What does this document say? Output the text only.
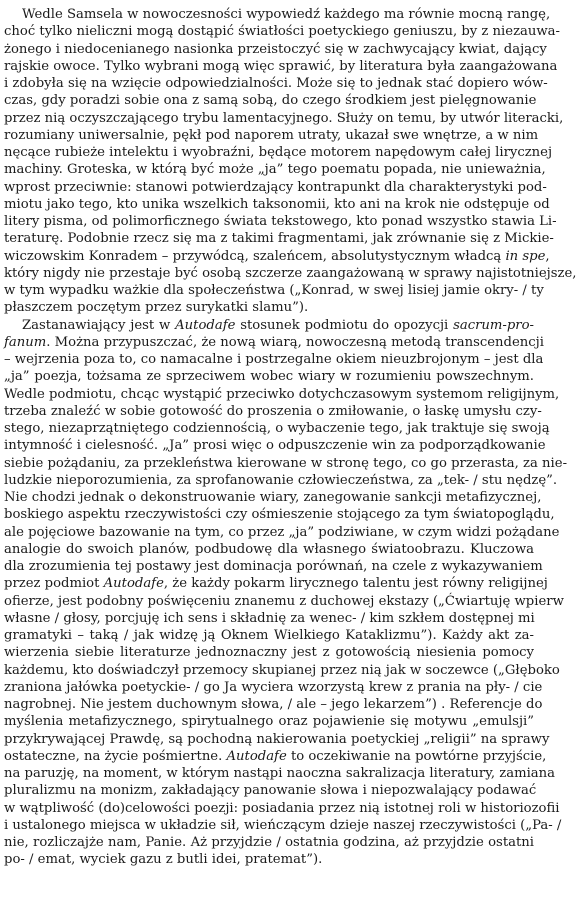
Wedle Samsela w nowoczesności wypowiedź każdego ma równie mocną rangę,
choć tylko nieliczni mogą dostąpić światłości poetyckiego geniuszu, by z niezauwa-
żonego i niedocenianego nasionka przeistoczyć się w zachwycający kwiat, dający
rajskie owoce. Tylko wybrani mogą więc sprawić, by literatura była zaangażowana
i zdobyła się na wzięcie odpowiedzialności. Może się to jednak stać dopiero wów-
czas, gdy poradzi sobie ona z samą sobą, do czego środkiem jest pielęgnowanie
przez nią oczyszczającego trybu lamentacyjnego. Służy on temu, by utwór literacki,
rozumiany uniwersalnie, pękł pod naporem utraty, ukazał swe wnętrze, a w nim
nęcące rubieże intelektu i wyobraźni, będące motorem napędowym całej lirycznej
machiny. Groteska, w którą być może „ja” tego poematu popada, nie unieważnia,
wprost przeciwnie: stanowi potwierdzający kontrapunkt dla charakterystyki pod-
miotu jako tego, kto unika wszelkich taksonomii, kto ani na krok nie odstępuje od
litery pisma, od polimorficznego świata tekstowego, kto ponad wszystko stawia Li-
teraturę. Podobnie rzecz się ma z takimi fragmentami, jak zrównanie się z Mickie-
wiczowskim Konradem – przywódcą, szaleńcem, absolutystycznym władcą in spe,
który nigdy nie przestaje być osobą szczerze zaangażowaną w sprawy najistotniejsze,
w tym wypadku ważkie dla społeczeństwa („Konrad, w swej lisiej jamie okry- / ty
płaszczem poczętym przez surykatki slamu”).
Zastanawiający jest w Autodafe stosunek podmiotu do opozycji sacrum-pro-
fanum. Można przypuszczać, że nową wiarą, nowoczesną metodą transcendencji
– wejrzenia poza to, co namacalne i postrzegalne okiem nieuzbrojonym – jest dla
„ja” poezja, tożsama ze sprzeciwem wobec wiary w rozumieniu powszechnym.
Wedle podmiotu, chcąc wystąpić przeciwko dotychczasowym systemom religijnym,
trzeba znaleźć w sobie gotowość do proszenia o zmiłowanie, o łaskę umysłu czy-
stego, niezaprzątniętego codziennością, o wybaczenie tego, jak traktuje się swoją
intymność i cielesność. „Ja” prosi więc o odpuszczenie win za podporządkowanie
siebie pożądaniu, za przekleństwa kierowane w stronę tego, co go przerasta, za nie-
ludzkie nieporozumienia, za sprofanowanie człowieczeństwa, za „tek- / stu nędzę”.
Nie chodzi jednak o dekonstruowanie wiary, zanegowanie sankcji metafizycznej,
boskiego aspektu rzeczywistości czy ośmieszenie stojącego za tym światopoglądu,
ale pojęciowe bazowanie na tym, co przez „ja” podziwiane, w czym widzi pożądane
analogie do swoich planów, podbudowę dla własnego światoobrazu. Kluczowa
dla zrozumienia tej postawy jest dominacja porównań, na czele z wykazywaniem
przez podmiot Autodafe, że każdy pokarm lirycznego talentu jest równy religijnej
ofierze, jest podobny poświęceniu znanemu z duchowej ekstazy („Ćwiartuję wpierw
własne / głosy, porcjuję ich sens i składnię za wenec- / kim szkłem dostępnej mi
gramatyki – taką / jak widzę ją Oknem Wielkiego Kataklizmu”). Każdy akt za-
wierzenia siebie literaturze jednoznaczny jest z gotowością niesienia pomocy
każdemu, kto doświadczył przemocy skupianej przez nią jak w soczewce („Głęboko
zraniona jałówka poetyckie- / go Ja wyciera wzorzystą krew z prania na pły- / cie
nagrobnej. Nie jestem duchownym słowa, / ale – jego lekarzem”) . Referencje do
myślenia metafizycznego, spirytualnego oraz pojawienie się motywu „emulsji”
przykrywającej Prawdę, są pochodną nakierowania poetyckiej „religii” na sprawy
ostateczne, na życie pośmiertne. Autodafe to oczekiwanie na powtórne przyjście,
na paruzję, na moment, w którym nastąpi naoczna sakralizacja literatury, zamiana
pluralizmu na monizm, zakładający panowanie słowa i niepozwalający podawać
w wątpliwość (do)celowości poezji: posiadania przez nią istotnej roli w historiozofii
i ustalonego miejsca w układzie sił, wieńczącym dzieje naszej rzeczywistości („Pa- /
nie, rozliczajże nam, Panie. Aż przyjdzie / ostatnia godzina, aż przyjdzie ostatni
po- / emat, wyciek gazu z butli idei, pratemat”).
